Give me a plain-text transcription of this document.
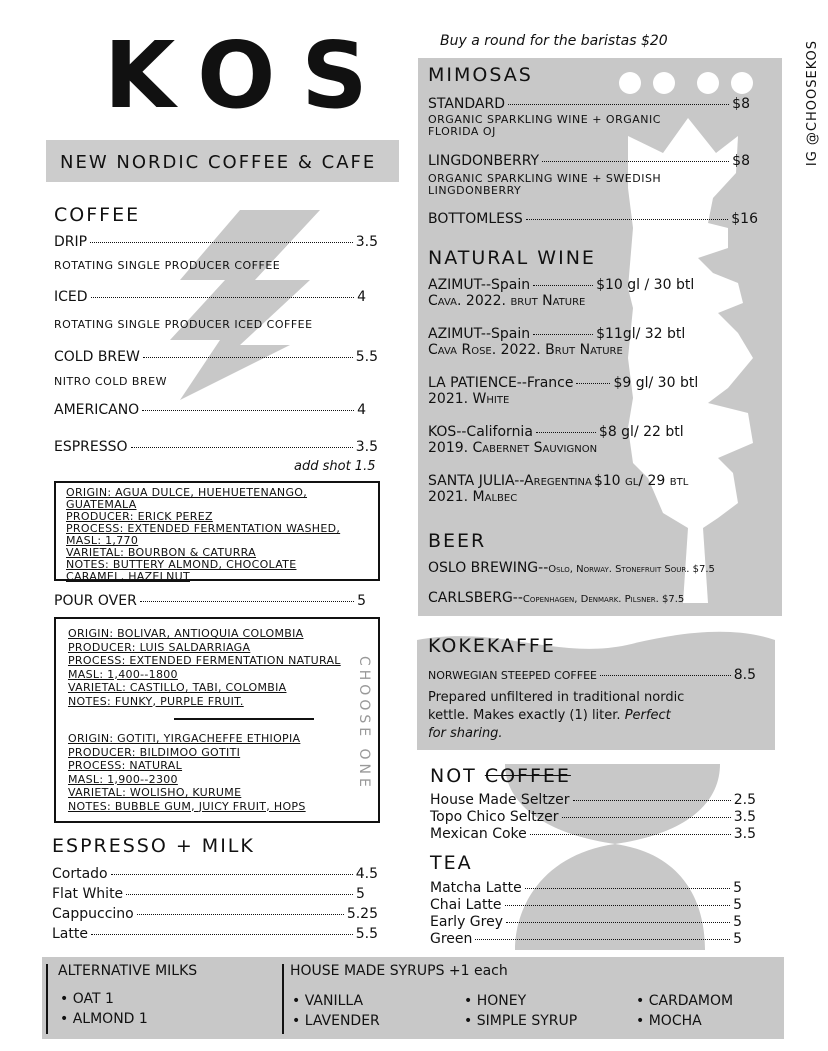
KOS
NEW NORDIC COFFEE & CAFE
COFFEE
DRIP	3.5
ROTATING SINGLE PRODUCER COFFEE
ICED	4
ROTATING SINGLE PRODUCER ICED COFFEE
COLD BREW	5.5
NITRO COLD BREW
AMERICANO	4
ESPRESSO	3.5
add shot 1.5
ORIGIN: AGUA DULCE, HUEHUETENANGO,
GUATEMALA
PRODUCER: ERICK PEREZ
PROCESS: EXTENDED FERMENTATION WASHED,
MASL: 1,770
VARIETAL: BOURBON & CATURRA
NOTES: BUTTERY ALMOND, CHOCOLATE
CARAMEL, HAZELNUT
POUR OVER	5
ORIGIN: BOLIVAR, ANTIOQUIA COLOMBIA
PRODUCER: LUIS SALDARRIAGA
PROCESS: EXTENDED FERMENTATION NATURAL
MASL: 1,400--1800
VARIETAL: CASTILLO, TABI, COLOMBIA
NOTES: FUNKY, PURPLE FRUIT.
ORIGIN: GOTITI, YIRGACHEFFE ETHIOPIA
PRODUCER: BILDIMOO GOTITI
PROCESS: NATURAL
MASL: 1,900--2300
VARIETAL: WOLISHO, KURUME
NOTES: BUBBLE GUM, JUICY FRUIT, HOPS
CHOOSE ONE
ESPRESSO + MILK
Cortado	4.5
Flat White	5
Cappuccino	5.25
Latte	5.5
Buy a round for the baristas $20	IG @CHOOSEKOS
MIMOSAS
STANDARD	$8
ORGANIC SPARKLING WINE + ORGANIC FLORIDA OJ
LINGDONBERRY	$8
ORGANIC SPARKLING WINE + SWEDISH LINGDONBERRY
BOTTOMLESS	$16
NATURAL WINE
AZIMUT--Spain	$10 gl / 30 btl
Cava. 2022. brut Nature
AZIMUT--Spain	$11gl/ 32 btl
Cava Rose. 2022. Brut Nature
LA PATIENCE--France	$9 gl/ 30 btl
2021. White
KOS--California	$8 gl/ 22 btl
2019. Cabernet Sauvignon
SANTA JULIA--Aregentina $10 gl/ 29 btl
2021. Malbec
BEER
OSLO BREWING--Oslo, Norway. Stonefruit Sour. $7.5
CARLSBERG--Copenhagen, Denmark. Pilsner. $7.5
KOKEKAFFE
NORWEGIAN STEEPED COFFEE	8.5
Prepared unfiltered in traditional nordic kettle. Makes exactly (1) liter. Perfect for sharing.
NOT COFFEE
House Made Seltzer	2.5
Topo Chico Seltzer	3.5
Mexican Coke	3.5
TEA
Matcha Latte	5
Chai Latte	5
Early Grey	5
Green	5
ALTERNATIVE MILKS
• OAT 1
• ALMOND 1
HOUSE MADE SYRUPS +1 each
• VANILLA	• HONEY	• CARDAMOM
• LAVENDER	• SIMPLE SYRUP	• MOCHA
